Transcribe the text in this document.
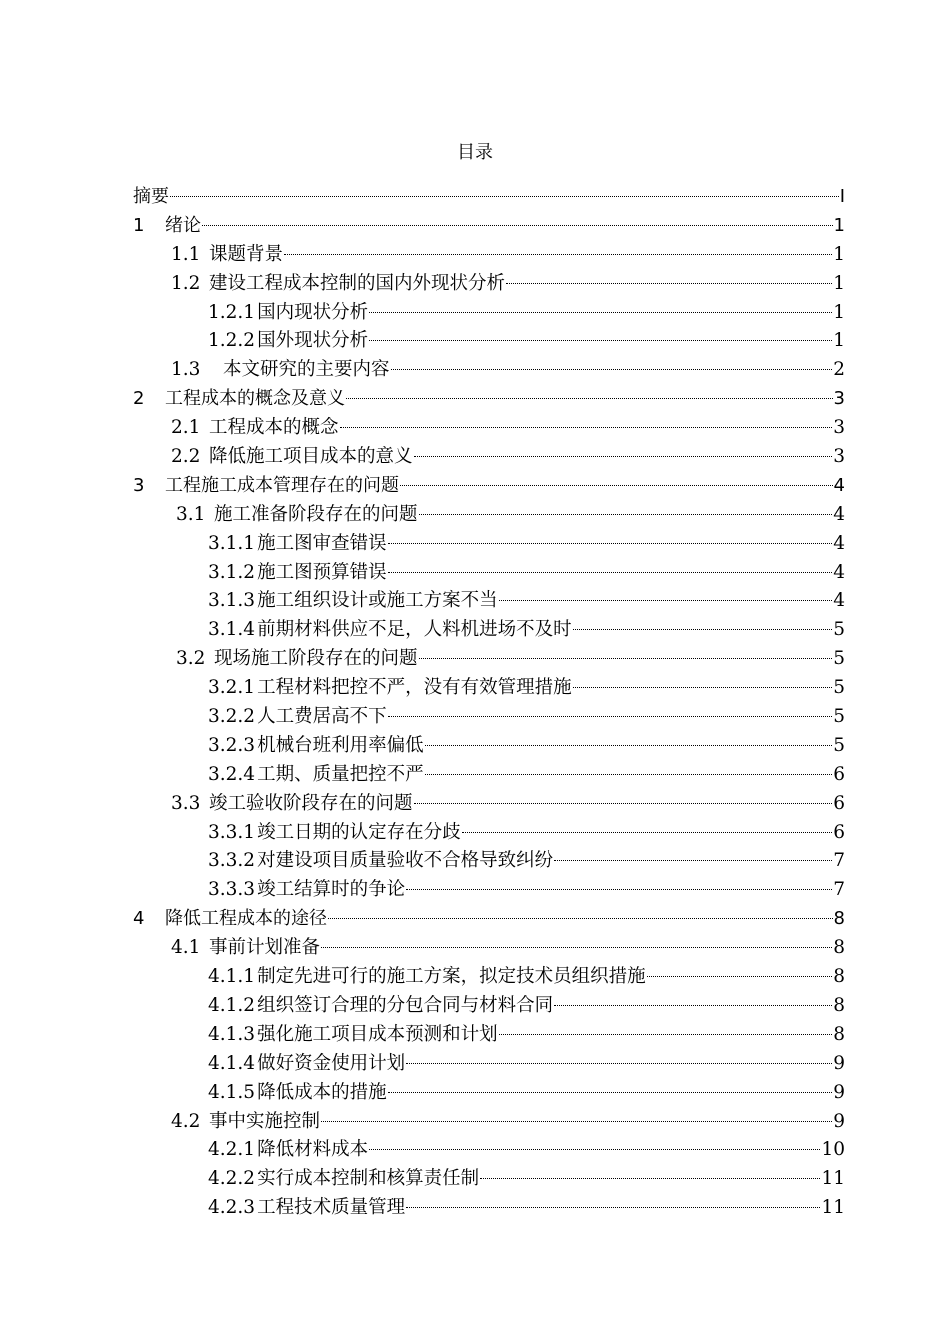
目录
摘要	I
1	绪论	1
1.1 课题背景	1
1.2 建设工程成本控制的国内外现状分析	1
1.2.1 国内现状分析	1
1.2.2 国外现状分析	1
1.3	本文研究的主要内容	2
2	工程成本的概念及意义	3
2.1 工程成本的概念	3
2.2 降低施工项目成本的意义	3
3	工程施工成本管理存在的问题	4
3.1 施工准备阶段存在的问题	4
3.1.1 施工图审查错误	4
3.1.2 施工图预算错误	4
3.1.3 施工组织设计或施工方案不当	4
3.1.4 前期材料供应不足，人料机进场不及时	5
3.2 现场施工阶段存在的问题	5
3.2.1 工程材料把控不严，没有有效管理措施	5
3.2.2 人工费居高不下	5
3.2.3 机械台班利用率偏低	5
3.2.4 工期、质量把控不严	6
3.3 竣工验收阶段存在的问题	6
3.3.1 竣工日期的认定存在分歧	6
3.3.2 对建设项目质量验收不合格导致纠纷	7
3.3.3 竣工结算时的争论	7
4	降低工程成本的途径	8
4.1 事前计划准备	8
4.1.1 制定先进可行的施工方案，拟定技术员组织措施	8
4.1.2 组织签订合理的分包合同与材料合同	8
4.1.3 强化施工项目成本预测和计划	8
4.1.4 做好资金使用计划	9
4.1.5 降低成本的措施	9
4.2 事中实施控制	9
4.2.1 降低材料成本	10
4.2.2 实行成本控制和核算责任制	11
4.2.3 工程技术质量管理	11
